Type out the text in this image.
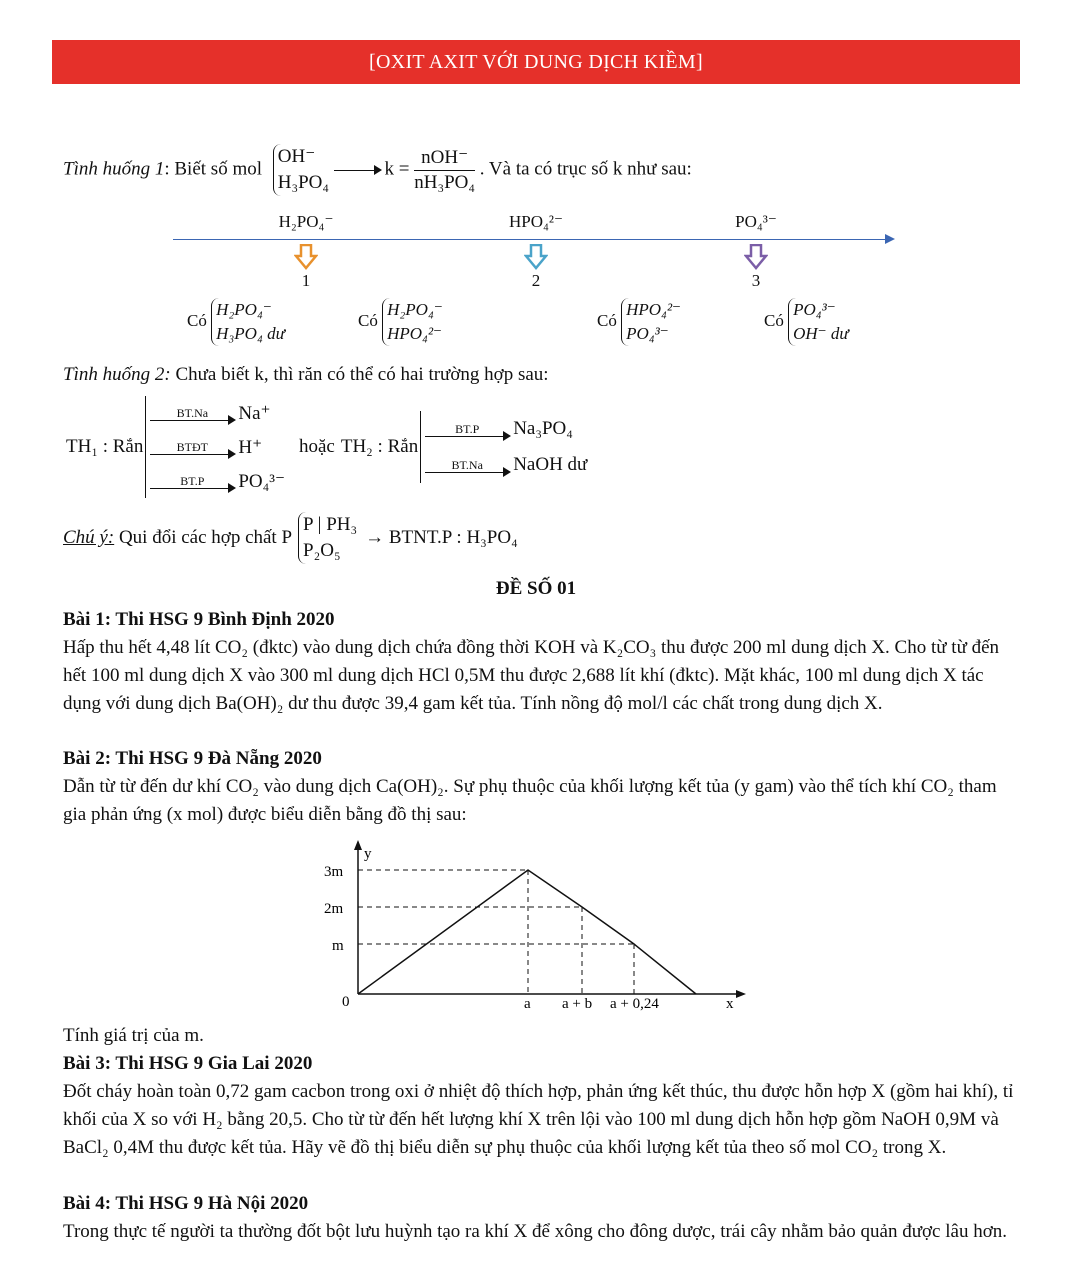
[OXIT AXIT VỚI DUNG DỊCH KIỀM]
Tình huống 1: Biết số mol
OH⁻
H₃PO₄
$k = \frac{\text{nOH⁻}}{\text{nH₃PO₄}}$ . Và ta có trục số k như sau:
H₂PO₄⁻
1
HPO₄²⁻
2
PO₄³⁻
3
Có
H₂PO₄⁻
H₃PO₄ dư
Có
H₂PO₄⁻
HPO₄²⁻
Có
HPO₄²⁻
PO₄³⁻
Có
PO₄³⁻
OH⁻ dư
Tình huống 2: Chưa biết k, thì răn có thể có hai trường hợp sau:
TH₁ : Rắn
BT.Na	Na⁺
BTĐT	H⁺
BT.P	PO₄³⁻
hoặc TH₂ : Rắn
BT.P	Na₃PO₄
BT.Na	NaOH dư
Chú ý: Qui đổi các hợp chất P
P | PH₃
P₂O₅
→ BTNT.P : H₃PO₄
ĐỀ SỐ 01
Bài 1: Thi HSG 9 Bình Định 2020
Hấp thu hết 4,48 lít CO₂ (đktc) vào dung dịch chứa đồng thời KOH và K₂CO₃ thu được 200 ml dung dịch X. Cho từ từ đến hết 100 ml dung dịch X vào 300 ml dung dịch HCl 0,5M thu được 2,688 lít khí (đktc). Mặt khác, 100 ml dung dịch X tác dụng với dung dịch Ba(OH)₂ dư thu được 39,4 gam kết tủa. Tính nồng độ mol/l các chất trong dung dịch X.
Bài 2: Thi HSG 9 Đà Nẵng 2020
Dẫn từ từ đến dư khí CO₂ vào dung dịch Ca(OH)₂. Sự phụ thuộc của khối lượng kết tủa (y gam) vào thể tích khí CO₂ tham gia phản ứng (x mol) được biểu diễn bằng đồ thị sau:
y
x
0
3m
2m
m
a a + b a + 0,24
Tính giá trị của m.
Bài 3: Thi HSG 9 Gia Lai 2020
Đốt cháy hoàn toàn 0,72 gam cacbon trong oxi ở nhiệt độ thích hợp, phản ứng kết thúc, thu được hỗn hợp X (gồm hai khí), tỉ khối của X so với H₂ bằng 20,5. Cho từ từ đến hết lượng khí X trên lội vào 100 ml dung dịch hỗn hợp gồm NaOH 0,9M và BaCl₂ 0,4M thu được kết tủa. Hãy vẽ đồ thị biểu diễn sự phụ thuộc của khối lượng kết tủa theo số mol CO₂ trong X.
Bài 4: Thi HSG 9 Hà Nội 2020
Trong thực tế người ta thường đốt bột lưu huỳnh tạo ra khí X để xông cho đông dược, trái cây nhằm bảo quản được lâu hơn.
